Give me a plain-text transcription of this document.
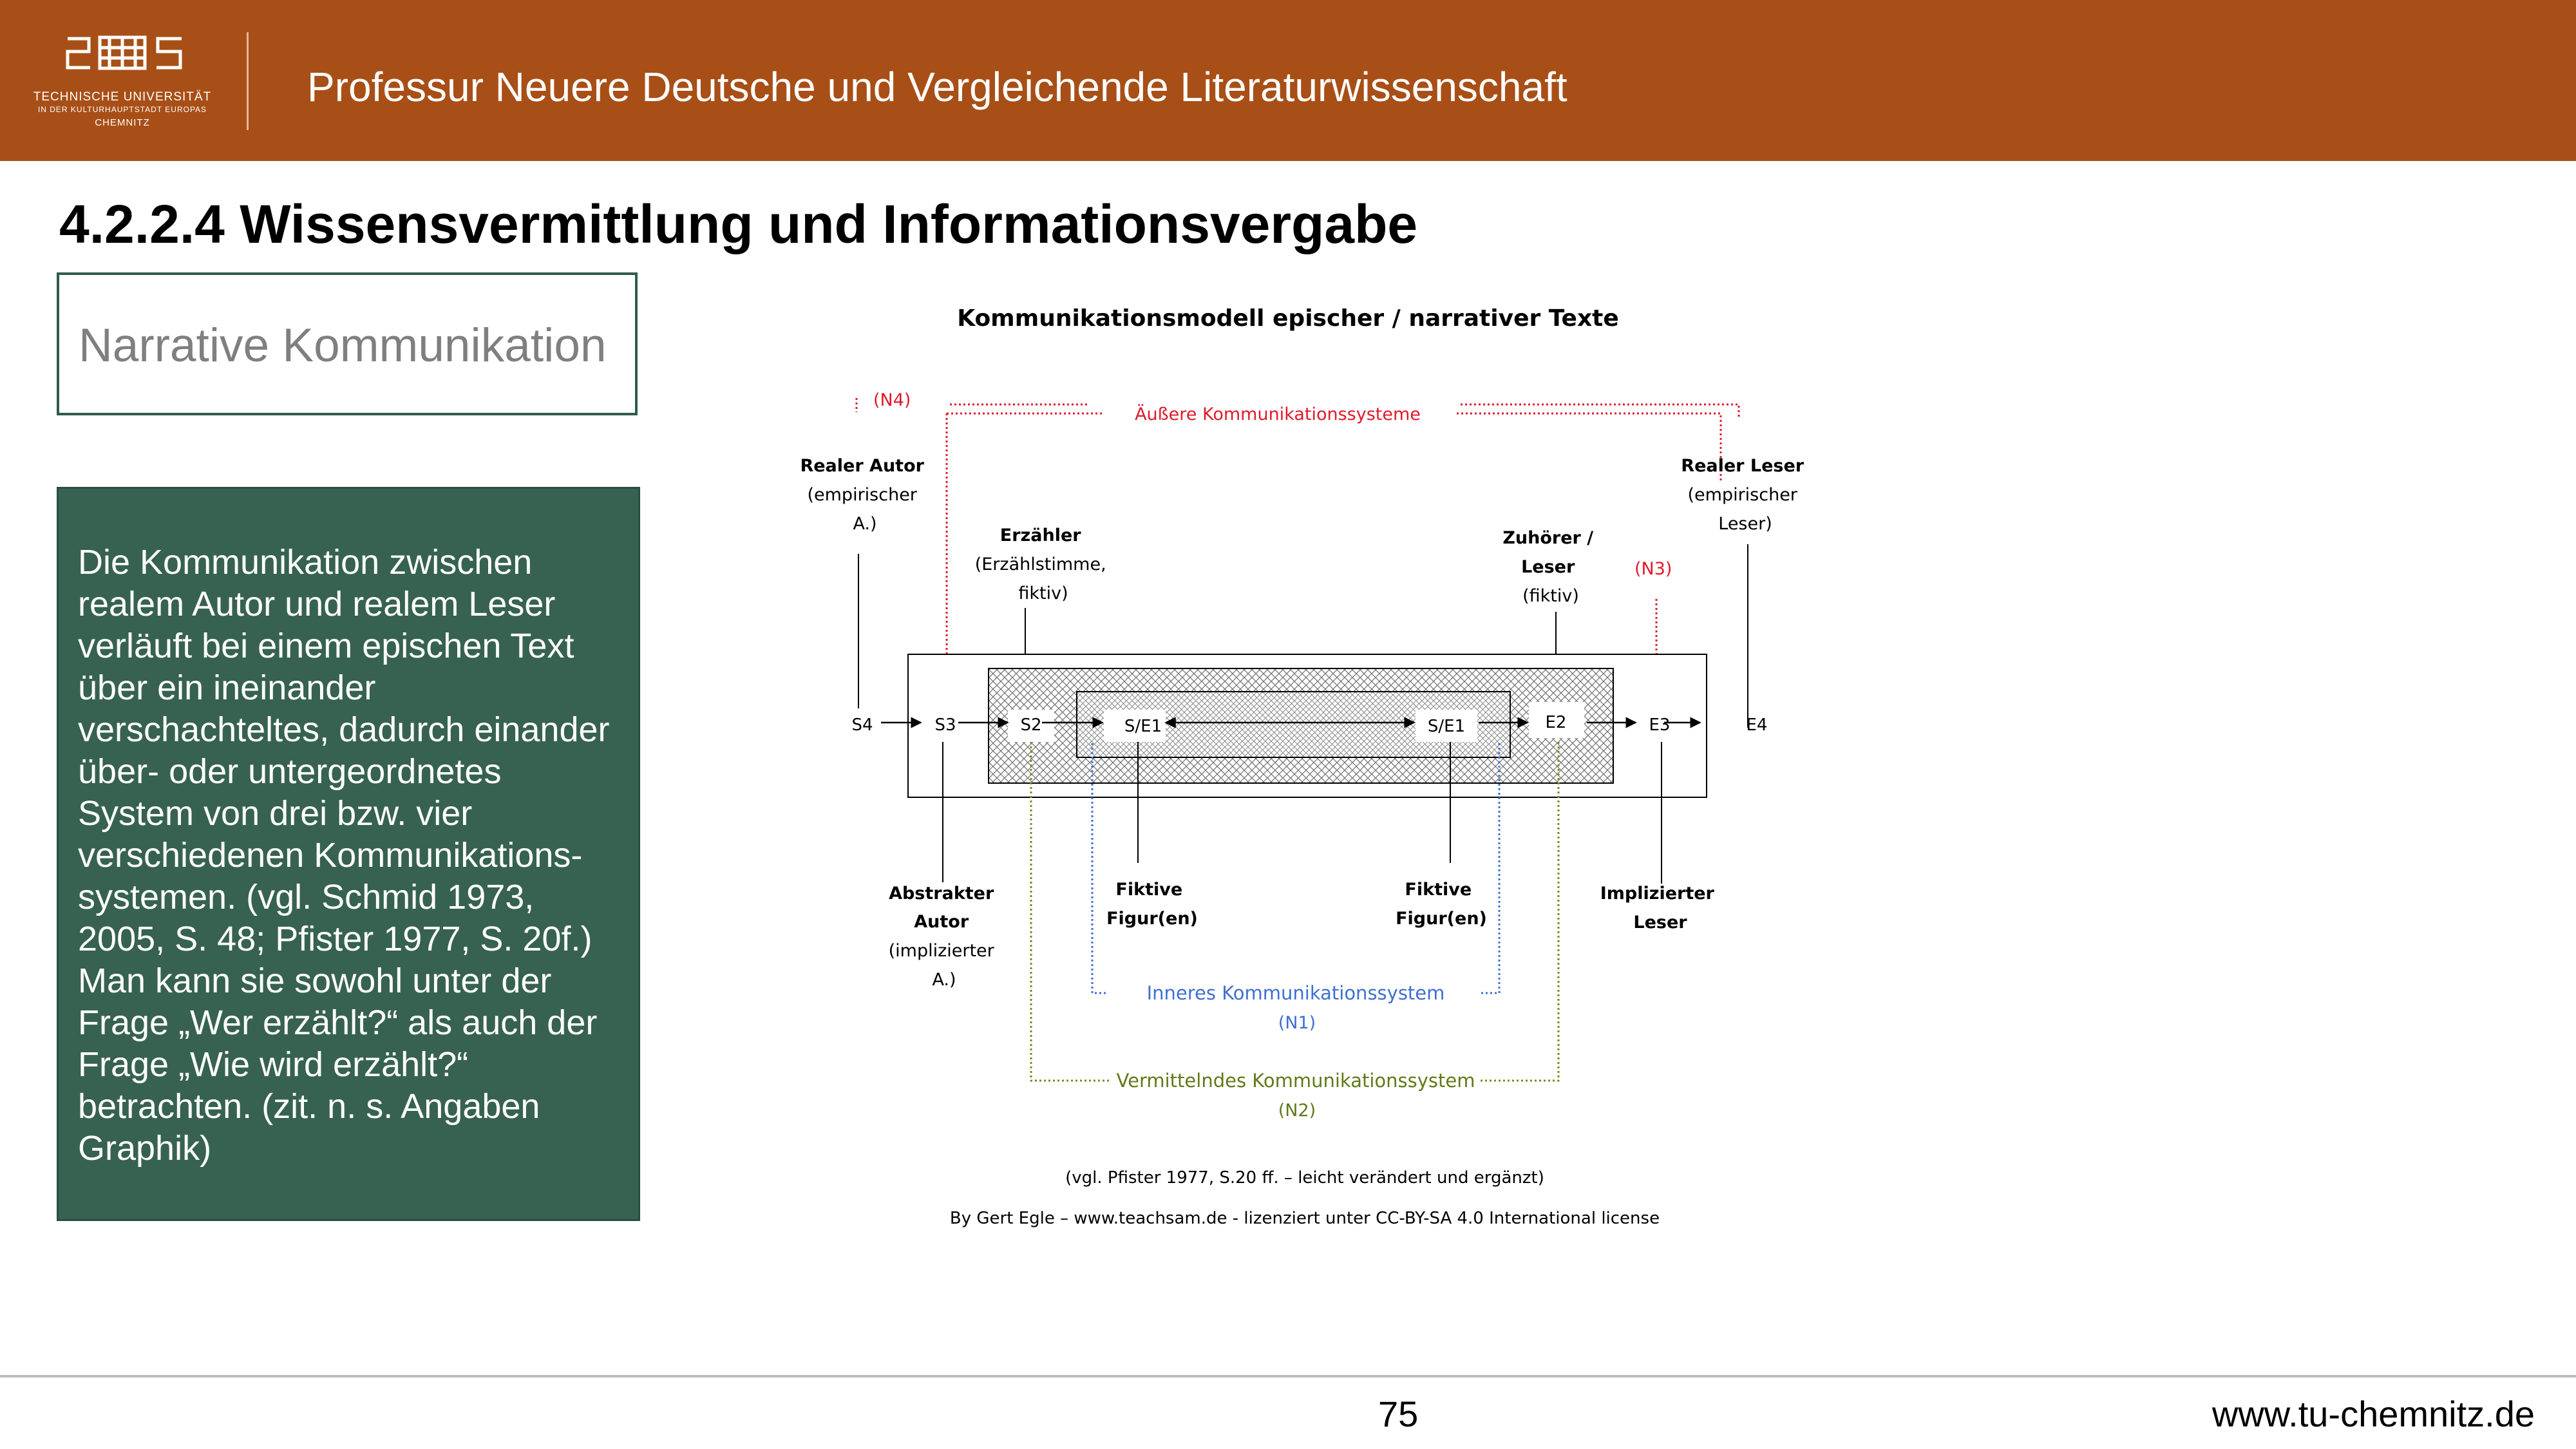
TECHNISCHE UNIVERSITÄT
IN DER KULTURHAUPTSTADT EUROPAS
CHEMNITZ
Professur Neuere Deutsche und Vergleichende Literaturwissenschaft
4.2.2.4 Wissensvermittlung und Informationsvergabe
Narrative Kommunikation
Die Kommunikation zwischen
realem Autor und realem Leser
verläuft bei einem epischen Text
über ein ineinander
verschachteltes, dadurch einander
über- oder untergeordnetes
System von drei bzw. vier
verschiedenen Kommunikations-
systemen. (vgl. Schmid 1973,
2005, S. 48; Pfister 1977, S. 20f.)
Man kann sie sowohl unter der
Frage „Wer erzählt?“ als auch der
Frage „Wie wird erzählt?“
betrachten. (zit. n. s. Angaben
Graphik)
Kommunikationsmodell epischer / narrativer Texte
(N4)
Äußere Kommunikationssysteme
(N3)
Realer Autor (empirischer A.)
Realer Leser (empirischer Leser)
Erzähler (Erzählstimme, fiktiv)
Zuhörer / Leser (fiktiv)
S4	S3	S2	S/E1	S/E1	E2	E3	E4
Inneres Kommunikationssystem
(N1)
Vermittelndes Kommunikationssystem
(N2)
Abstrakter Autor (implizierter A.)
Fiktive Figur(en)
Fiktive Figur(en)
Implizierter Leser
(vgl. Pfister 1977, S.20 ff. – leicht verändert und ergänzt)
By Gert Egle – www.teachsam.de - lizenziert unter CC-BY-SA 4.0 International license
75	www.tu-chemnitz.de
